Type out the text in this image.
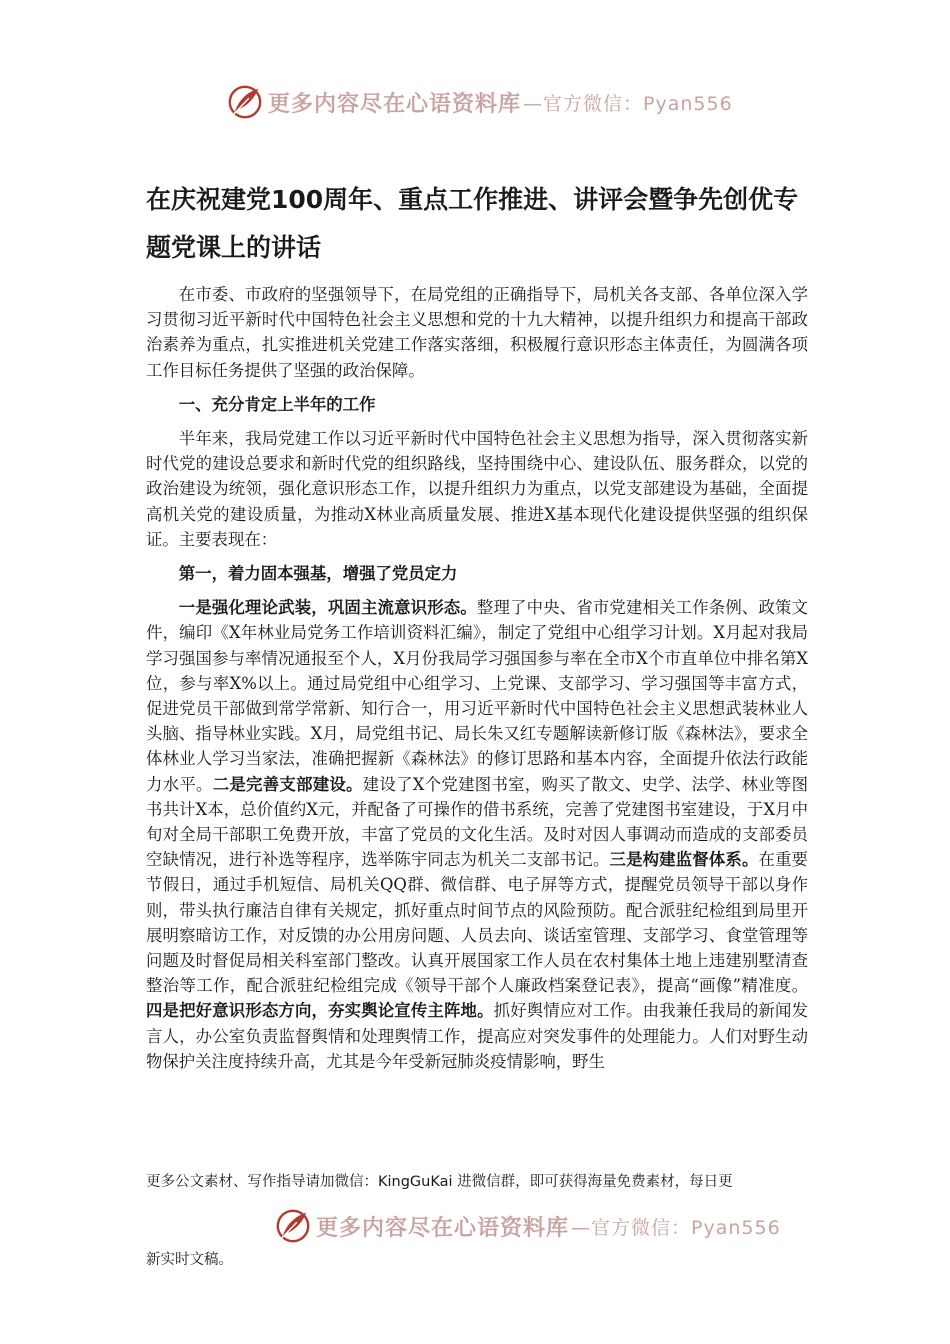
更多内容尽在心语资料库 —官方微信：Pyan556
在庆祝建党100周年、重点工作推进、讲评会暨争先创优专题党课上的讲话

在市委、市政府的坚强领导下，在局党组的正确指导下，局机关各支部、各单位深入学习贯彻习近平新时代中国特色社会主义思想和党的十九大精神，以提升组织力和提高干部政治素养为重点，扎实推进机关党建工作落实落细，积极履行意识形态主体责任，为圆满各项工作目标任务提供了坚强的政治保障。

一、充分肯定上半年的工作

半年来，我局党建工作以习近平新时代中国特色社会主义思想为指导，深入贯彻落实新时代党的建设总要求和新时代党的组织路线，坚持围绕中心、建设队伍、服务群众，以党的政治建设为统领，强化意识形态工作，以提升组织力为重点，以党支部建设为基础，全面提高机关党的建设质量，为推动X林业高质量发展、推进X基本现代化建设提供坚强的组织保证。主要表现在：

第一，着力固本强基，增强了党员定力

一是强化理论武装，巩固主流意识形态。整理了中央、省市党建相关工作条例、政策文件，编印《X年林业局党务工作培训资料汇编》，制定了党组中心组学习计划。X月起对我局学习强国参与率情况通报至个人，X月份我局学习强国参与率在全市X个市直单位中排名第X位，参与率X%以上。通过局党组中心组学习、上党课、支部学习、学习强国等丰富方式，促进党员干部做到常学常新、知行合一，用习近平新时代中国特色社会主义思想武装林业人头脑、指导林业实践。X月，局党组书记、局长朱又红专题解读新修订版《森林法》，要求全体林业人学习当家法，准确把握新《森林法》的修订思路和基本内容，全面提升依法行政能力水平。二是完善支部建设。建设了X个党建图书室，购买了散文、史学、法学、林业等图书共计X本，总价值约X元，并配备了可操作的借书系统，完善了党建图书室建设，于X月中旬对全局干部职工免费开放，丰富了党员的文化生活。及时对因人事调动而造成的支部委员空缺情况，进行补选等程序，选举陈宇同志为机关二支部书记。三是构建监督体系。在重要节假日，通过手机短信、局机关QQ群、微信群、电子屏等方式，提醒党员领导干部以身作则，带头执行廉洁自律有关规定，抓好重点时间节点的风险预防。配合派驻纪检组到局里开展明察暗访工作，对反馈的办公用房问题、人员去向、谈话室管理、支部学习、食堂管理等问题及时督促局相关科室部门整改。认真开展国家工作人员在农村集体土地上违建别墅清查整治等工作，配合派驻纪检组完成《领导干部个人廉政档案登记表》，提高“画像”精准度。四是把好意识形态方向，夯实舆论宣传主阵地。抓好舆情应对工作。由我兼任我局的新闻发言人，办公室负责监督舆情和处理舆情工作，提高应对突发事件的处理能力。人们对野生动物保护关注度持续升高，尤其是今年受新冠肺炎疫情影响，野生

更多公文素材、写作指导请加微信：KingGuKai 进微信群，即可获得海量免费素材，每日更
更多内容尽在心语资料库 —官方微信：Pyan556
新实时文稿。
